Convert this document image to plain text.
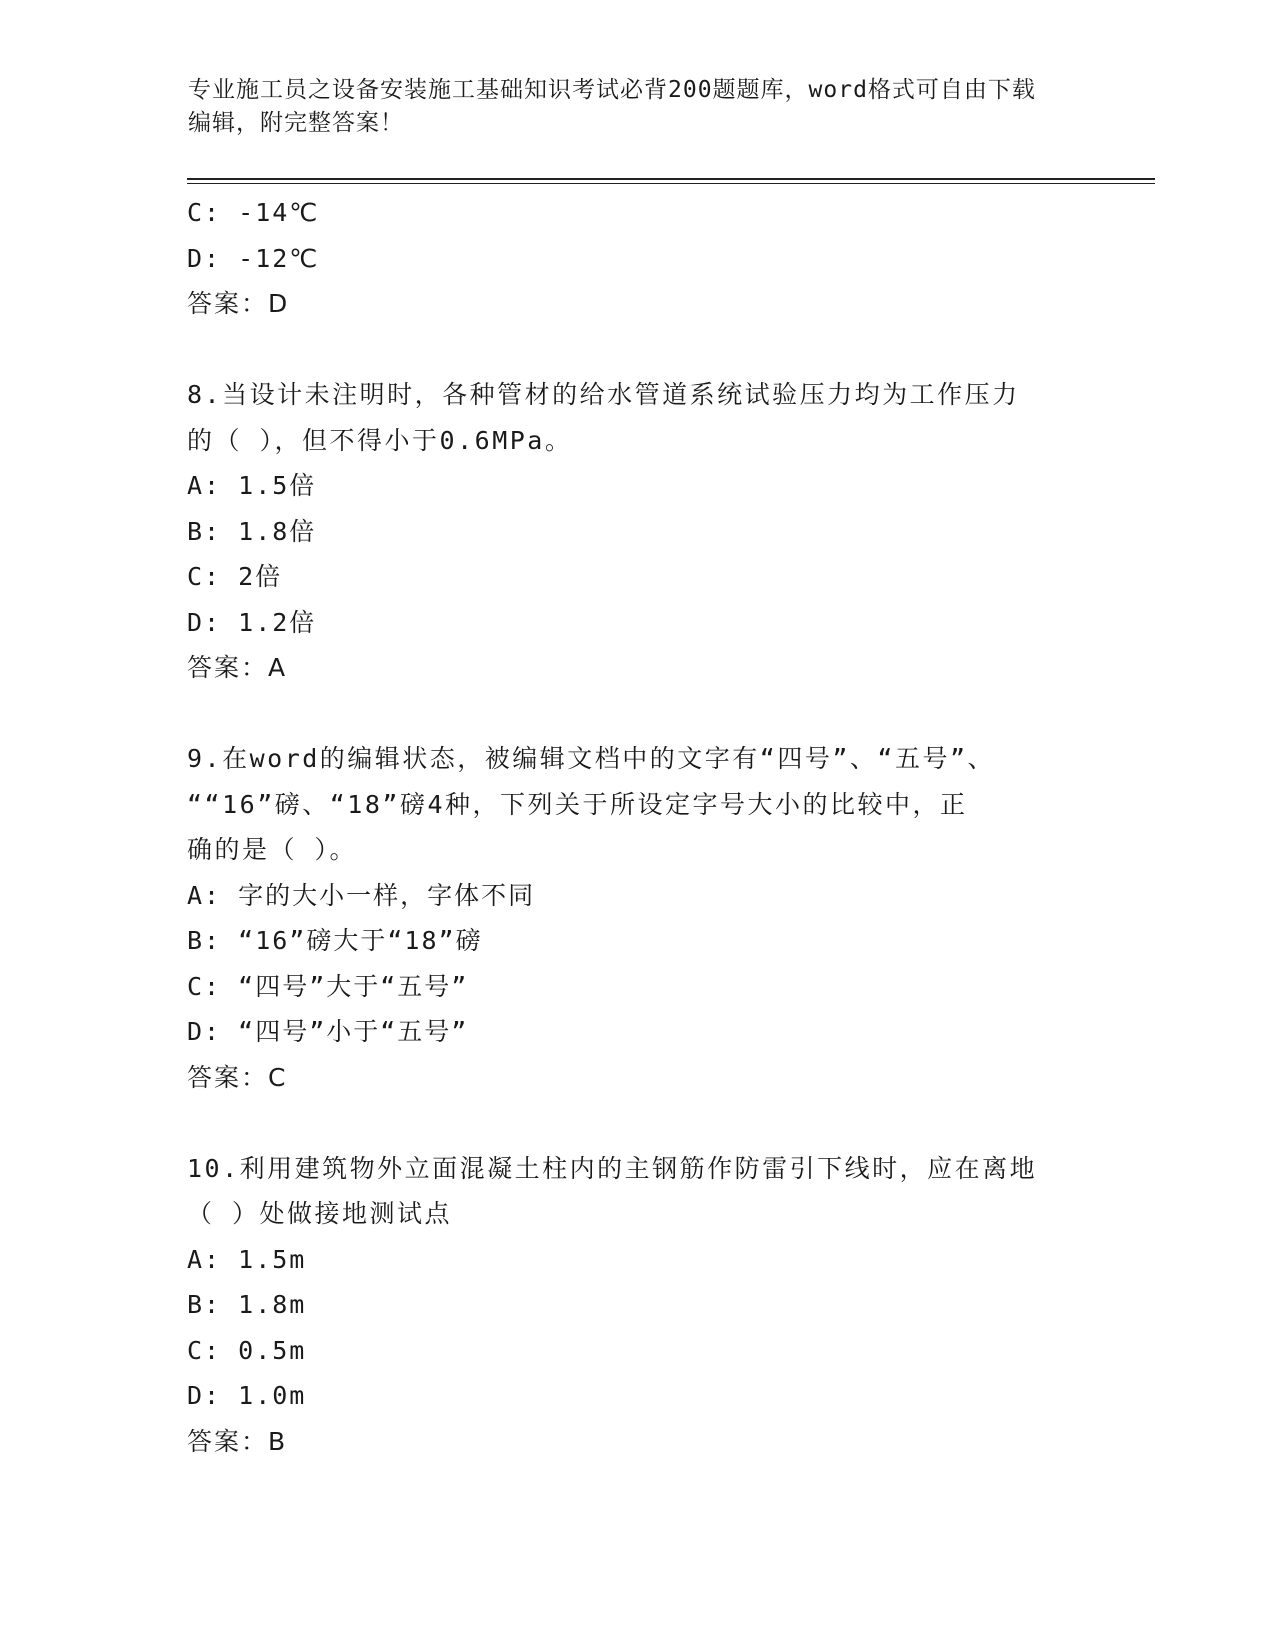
专业施工员之设备安装施工基础知识考试必背200题题库，word格式可自由下载
编辑，附完整答案！
C: -14℃
D: -12℃
答案：D
8.当设计未注明时，各种管材的给水管道系统试验压力均为工作压力
的（ ），但不得小于0.6MPa。
A: 1.5倍
B: 1.8倍
C: 2倍
D: 1.2倍
答案：A
9.在word的编辑状态，被编辑文档中的文字有“四号”、“五号”、
““16”磅、“18”磅4种，下列关于所设定字号大小的比较中，正
确的是（ ）。
A: 字的大小一样，字体不同
B: “16”磅大于“18”磅
C: “四号”大于“五号”
D: “四号”小于“五号”
答案：C
10.利用建筑物外立面混凝土柱内的主钢筋作防雷引下线时，应在离地
（ ）处做接地测试点
A: 1.5m
B: 1.8m
C: 0.5m
D: 1.0m
答案：B
